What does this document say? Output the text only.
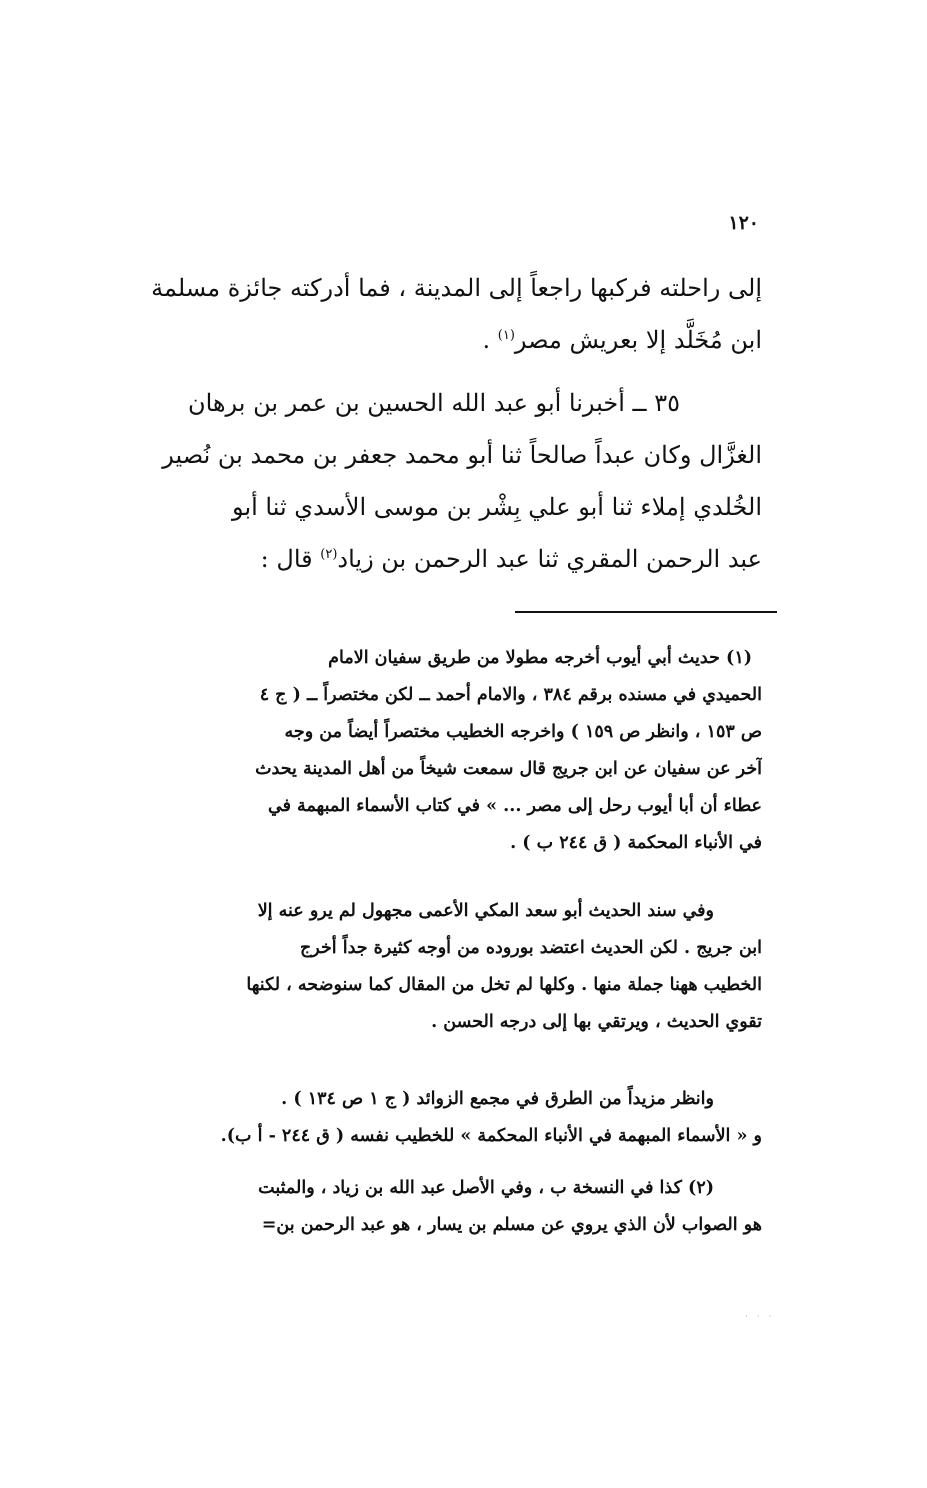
١٢٠
إلى راحلته فركبها راجعاً إلى المدينة ، فما أدركته جائزة مسلمة
ابن مُخَلَّد إلا بعريش مصر$^{(١)}$ .
٣٥ ــ أخبرنا أبو عبد الله الحسين بن عمر بن برهان
الغزَّال وكان عبداً صالحاً ثنا أبو محمد جعفر بن محمد بن نُصير
الخُلدي إملاء ثنا أبو علي بِشْر بن موسى الأسدي ثنا أبو
عبد الرحمن المقري ثنا عبد الرحمن بن زياد$^{(٢)}$ قال :
(١) حديث أبي أيوب أخرجه مطولا من طريق سفيان الامام
الحميدي في مسنده برقم ٣٨٤ ، والامام أحمد ــ لكن مختصراً ــ ( ج ٤
ص ١٥٣ ، وانظر ص ١٥٩ ) واخرجه الخطيب مختصراً أيضاً من وجه
آخر عن سفيان عن ابن جريج قال سمعت شيخاً من أهل المدينة يحدث
عطاء أن أبا أيوب رحل إلى مصر ... » في كتاب الأسماء المبهمة في
في الأنباء المحكمة ( ق ٢٤٤ ب ) .
وفي سند الحديث أبو سعد المكي الأعمى مجهول لم يرو عنه إلا
ابن جريج . لكن الحديث اعتضد بوروده من أوجه كثيرة جداً أخرج
الخطيب ههنا جملة منها . وكلها لم تخل من المقال كما سنوضحه ، لكنها
تقوي الحديث ، ويرتقي بها إلى درجه الحسن .
وانظر مزيداً من الطرق في مجمع الزوائد ( ج ١ ص ١٣٤ ) .
و « الأسماء المبهمة في الأنباء المحكمة » للخطيب نفسه ( ق ٢٤٤ - أ ب).
(٢) كذا في النسخة ب ، وفي الأصل عبد الله بن زياد ، والمثبت
هو الصواب لأن الذي يروي عن مسلم بن يسار ، هو عبد الرحمن بن=
· · ·
